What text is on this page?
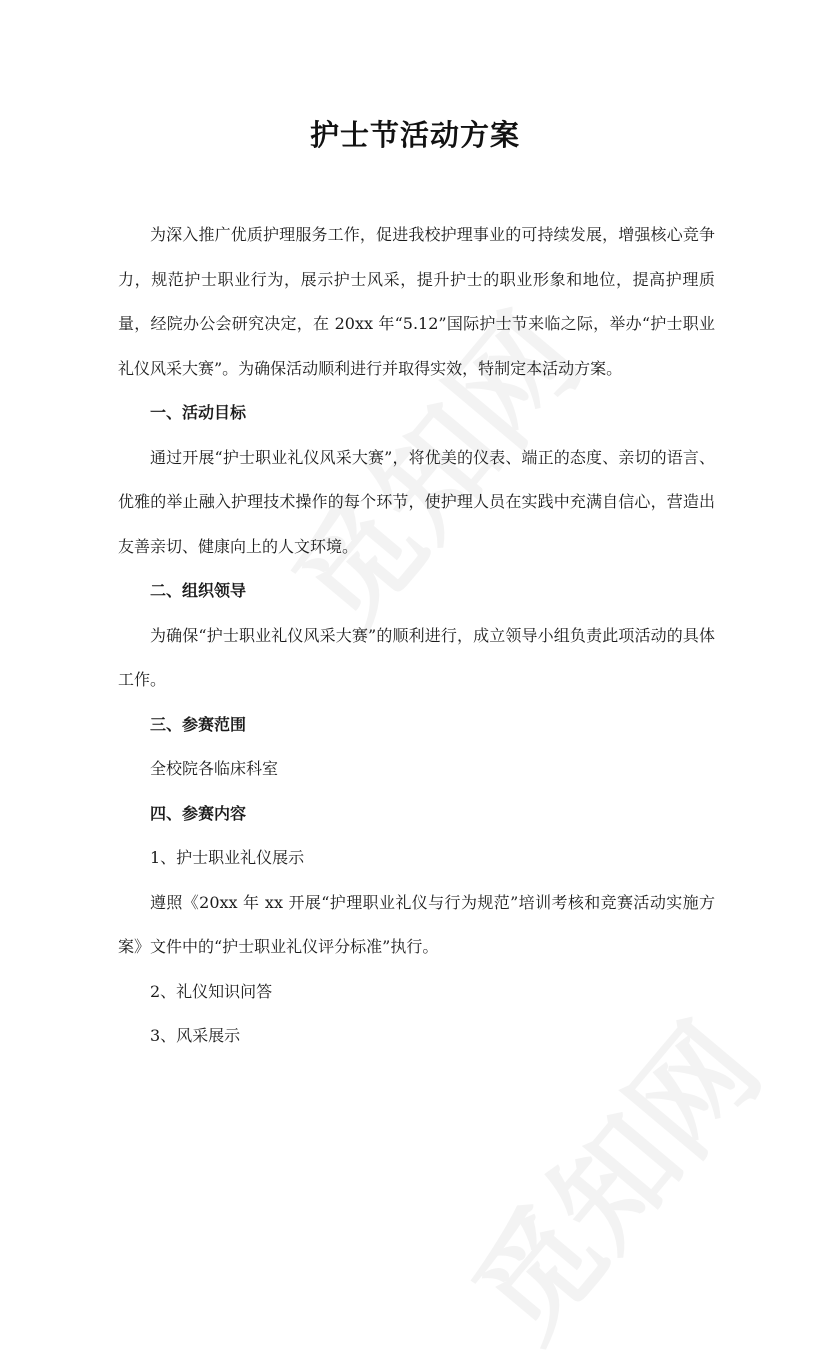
护士节活动方案

为深入推广优质护理服务工作，促进我校护理事业的可持续发展，增强核心竞争力，规范护士职业行为，展示护士风采，提升护士的职业形象和地位，提高护理质量，经院办公会研究决定，在 20xx 年“5.12”国际护士节来临之际，举办“护士职业礼仪风采大赛”。为确保活动顺利进行并取得实效，特制定本活动方案。

一、活动目标

通过开展“护士职业礼仪风采大赛”，将优美的仪表、端正的态度、亲切的语言、优雅的举止融入护理技术操作的每个环节，使护理人员在实践中充满自信心，营造出友善亲切、健康向上的人文环境。

二、组织领导

为确保“护士职业礼仪风采大赛”的顺利进行，成立领导小组负责此项活动的具体工作。

三、参赛范围

全校院各临床科室

四、参赛内容

1、护士职业礼仪展示

遵照《20xx 年 xx 开展“护理职业礼仪与行为规范”培训考核和竞赛活动实施方案》文件中的“护士职业礼仪评分标准”执行。

2、礼仪知识问答

3、风采展示
